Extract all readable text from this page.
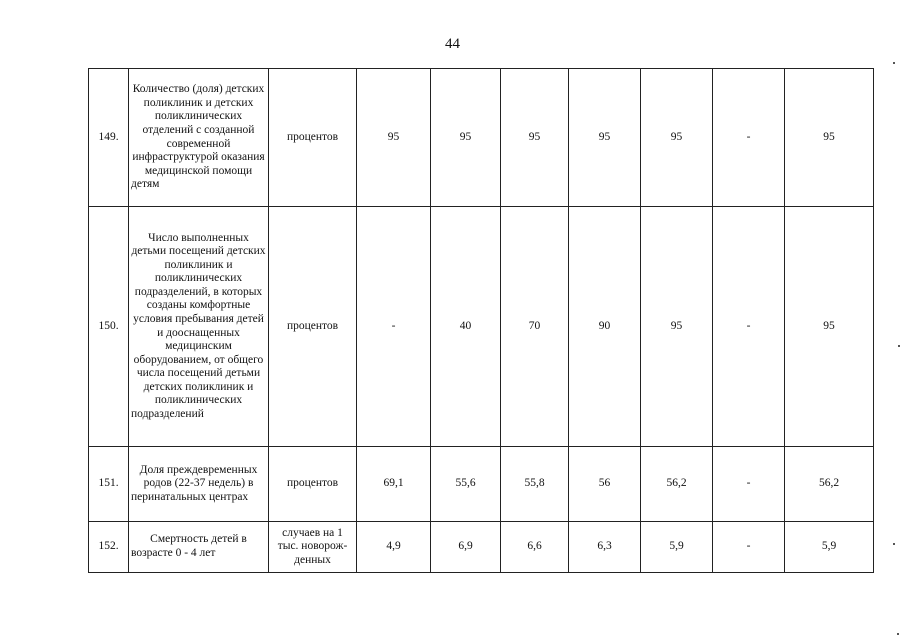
44
149.	Количество (доля) детских поликлиник и детских поликлинических отделений с созданной современной инфраструктурой оказания медицинской помощи детям	процентов	95	95	95	95	95	-	95
150.	Число выполненных детьми посещений детских поликлиник и поликлинических подразделений, в которых созданы комфортные условия пребывания детей и дооснащенных медицинским оборудованием, от общего числа посещений детьми детских поликлиник и поликлинических подразделений	процентов	-	40	70	90	95	-	95
151.	Доля преждевременных родов (22-37 недель) в перинатальных центрах	процентов	69,1	55,6	55,8	56	56,2	-	56,2
152.	Смертность детей в возрасте 0 - 4 лет	случаев на 1 тыс. новорож-денных	4,9	6,9	6,6	6,3	5,9	-	5,9
